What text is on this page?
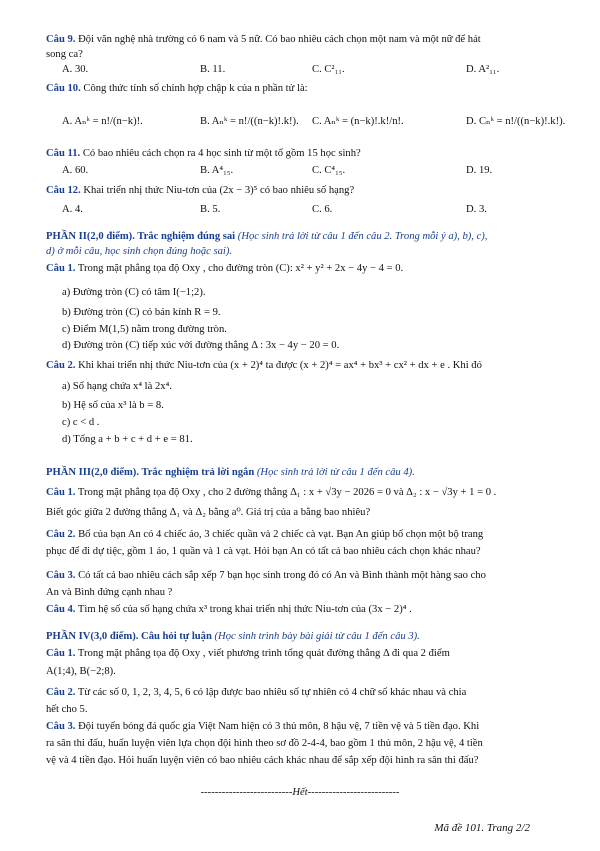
Câu 9. Đội văn nghệ nhà trường có 6 nam và 5 nữ. Có bao nhiêu cách chọn một nam và một nữ để hát
song ca?
A. 30.	B. 11.	C. C²₁₁.	D. A²₁₁.
Câu 10. Công thức tính số chỉnh hợp chập k của n phần tử là:
A. Aₙᵏ = n!/(n−k)!.	B. Aₙᵏ = n!/((n−k)!.k!). C. Aₙᵏ = (n−k)!.k!/n!.	D. Cₙᵏ = n!/((n−k)!.k!).
Câu 11. Có bao nhiêu cách chọn ra 4 học sinh từ một tổ gồm 15 học sinh?
A. 60.	B. A⁴₁₅.	C. C⁴₁₅.	D. 19.
Câu 12. Khai triển nhị thức Niu-tơn của (2x − 3)⁵ có bao nhiêu số hạng?
A. 4.	B. 5.	C. 6.	D. 3.
PHẦN II(2,0 điểm). Trắc nghiệm đúng sai (Học sinh trả lời từ câu 1 đến câu 2. Trong mỗi ý a), b), c),
d) ở mỗi câu, học sinh chọn đúng hoặc sai).
Câu 1. Trong mặt phẳng tọa độ Oxy , cho đường tròn (C): x² + y² + 2x − 4y − 4 = 0.
a) Đường tròn (C) có tâm I(−1;2).
b) Đường tròn (C) có bán kính R = 9.
c) Điểm M(1,5) nằm trong đường tròn.
d) Đường tròn (C) tiếp xúc với đường thẳng Δ : 3x − 4y − 20 = 0.
Câu 2. Khi khai triển nhị thức Niu-tơn của (x + 2)⁴ ta được (x + 2)⁴ = ax⁴ + bx³ + cx² + dx + e . Khi đó
a) Số hạng chứa x⁴ là 2x⁴.
b) Hệ số của x³ là b = 8.
c) c < d .
d) Tổng a + b + c + d + e = 81.
PHẦN III(2,0 điểm). Trắc nghiệm trả lời ngắn (Học sinh trả lời từ câu 1 đến câu 4).
Câu 1. Trong mặt phẳng tọa độ Oxy , cho 2 đường thẳng Δ₁ : x + √3y − 2026 = 0 và Δ₂ : x − √3y + 1 = 0 .
Biết góc giữa 2 đường thẳng Δ₁ và Δ₂ bằng a⁰. Giá trị của a bằng bao nhiêu?
Câu 2. Bố của bạn An có 4 chiếc áo, 3 chiếc quần và 2 chiếc cà vạt. Bạn An giúp bố chọn một bộ trang
phục để đi dự tiệc, gồm 1 áo, 1 quần và 1 cà vạt. Hỏi bạn An có tất cả bao nhiêu cách chọn khác nhau?
Câu 3. Có tất cả bao nhiêu cách sắp xếp 7 bạn học sinh trong đó có An và Bình thành một hàng sao cho
An và Bình đứng cạnh nhau ?
Câu 4. Tìm hệ số của số hạng chứa x³ trong khai triển nhị thức Niu-tơn của (3x − 2)⁴ .
PHẦN IV(3,0 điểm). Câu hỏi tự luận (Học sinh trình bày bài giải từ câu 1 đến câu 3).
Câu 1. Trong mặt phẳng tọa độ Oxy , viết phương trình tổng quát đường thẳng Δ đi qua 2 điểm
A(1;4), B(−2;8).
Câu 2. Từ các số 0, 1, 2, 3, 4, 5, 6 có lập được bao nhiêu số tự nhiên có 4 chữ số khác nhau và chia
hết cho 5.
Câu 3. Đội tuyển bóng đá quốc gia Việt Nam hiện có 3 thủ môn, 8 hậu vệ, 7 tiền vệ và 5 tiền đạo. Khi
ra sân thi đấu, huấn luyện viên lựa chọn đội hình theo sơ đồ 2-4-4, bao gồm 1 thủ môn, 2 hậu vệ, 4 tiền
vệ và 4 tiền đạo. Hỏi huấn luyện viên có bao nhiêu cách khác nhau để sắp xếp đội hình ra sân thi đấu?
--------------------------Hết--------------------------
Mã đề 101. Trang 2/2
